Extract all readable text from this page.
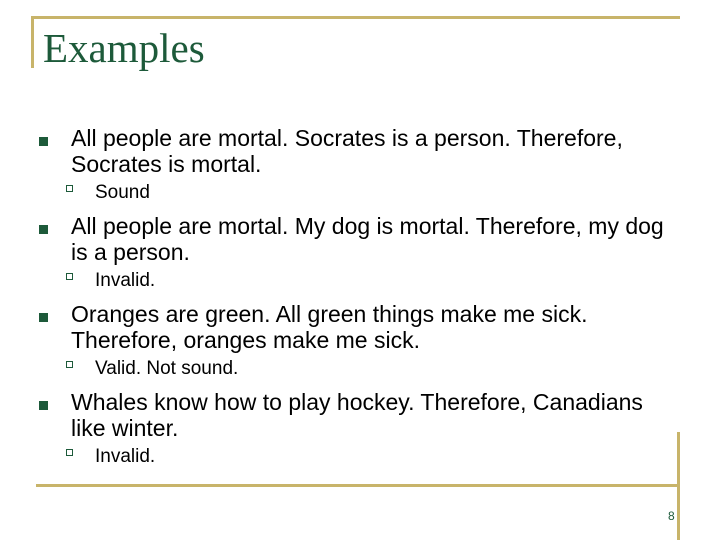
Examples
All people are mortal. Socrates is a person. Therefore, Socrates is mortal.
Sound
All people are mortal. My dog is mortal. Therefore, my dog is a person.
Invalid.
Oranges are green. All green things make me sick. Therefore, oranges make me sick.
Valid. Not sound.
Whales know how to play hockey. Therefore, Canadians like winter.
Invalid.
8
